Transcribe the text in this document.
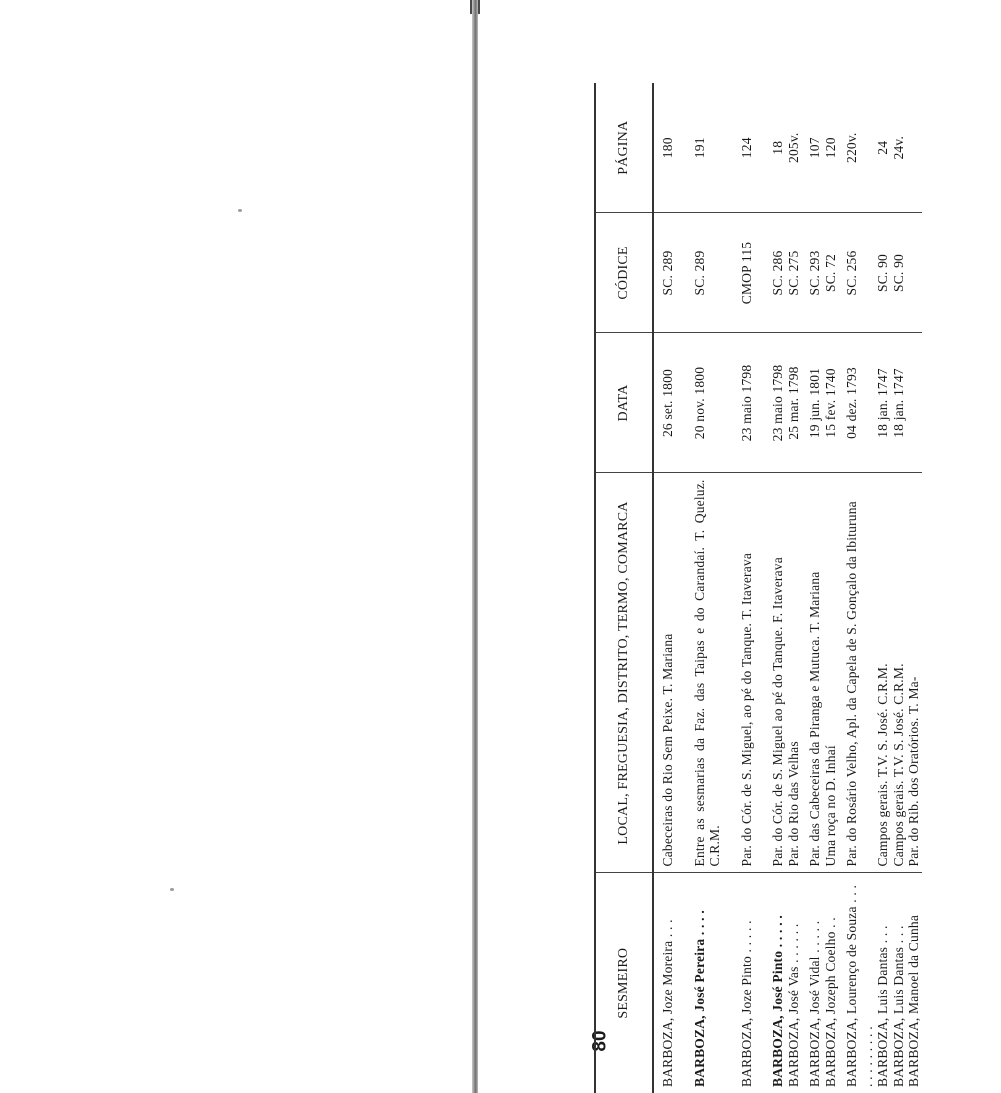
80
SESMEIRO	LOCAL, FREGUESIA, DISTRITO, TERMO, COMARCA	DATA	CÓDICE	PÁGINA
BARBOZA, Joze Moreira . . .	Cabeceiras do Rio Sem Peixe. T. Mariana	26 set. 1800	SC. 289	180
BARBOZA, José Pereira . . . .	Entre as sesmarias da Faz. das Taipas e do Carandaí. T. Queluz. C.R.M.	20 nov. 1800	SC. 289	191
BARBOZA, Joze Pinto . . . . .	Par. do Cór. de S. Miguel, ao pé do Tanque. T. Itaverava	23 maio 1798	CMOP 115	124
BARBOZA, José Pinto . . . . .	Par. do Cór. de S. Miguel ao pé do Tanque. F. Itaverava	23 maio 1798	SC. 286	18
BARBOZA, José Vas . . . . . .	Par. do Rio das Velhas	25 mar. 1798	SC. 275	205v.
BARBOZA, José Vidal . . . . .	Par. das Cabeceiras da Piranga e Mutuca. T. Mariana	19 jun. 1801	SC. 293	107
BARBOZA, Jozeph Coelho . .	Uma roça no D. Inhaí	15 fev. 1740	SC. 72	120
BARBOZA, Lourenço de Souza . . . . . . . . . . . .	Par. do Rosário Velho, Apl. da Capela de S. Gonçalo da Ibituruna	04 dez. 1793	SC. 256	220v.
BARBOZA, Luis Dantas . . .	Campos gerais. T.V. S. José. C.R.M.	18 jan. 1747	SC. 90	24
BARBOZA, Luis Dantas . . .	Campos gerais. T.V. S. José. C.R.M.	18 jan. 1747	SC. 90	24v.
BARBOZA, Manoel da Cunha	Par. do Rib. dos Oratórios. T. Ma-			
